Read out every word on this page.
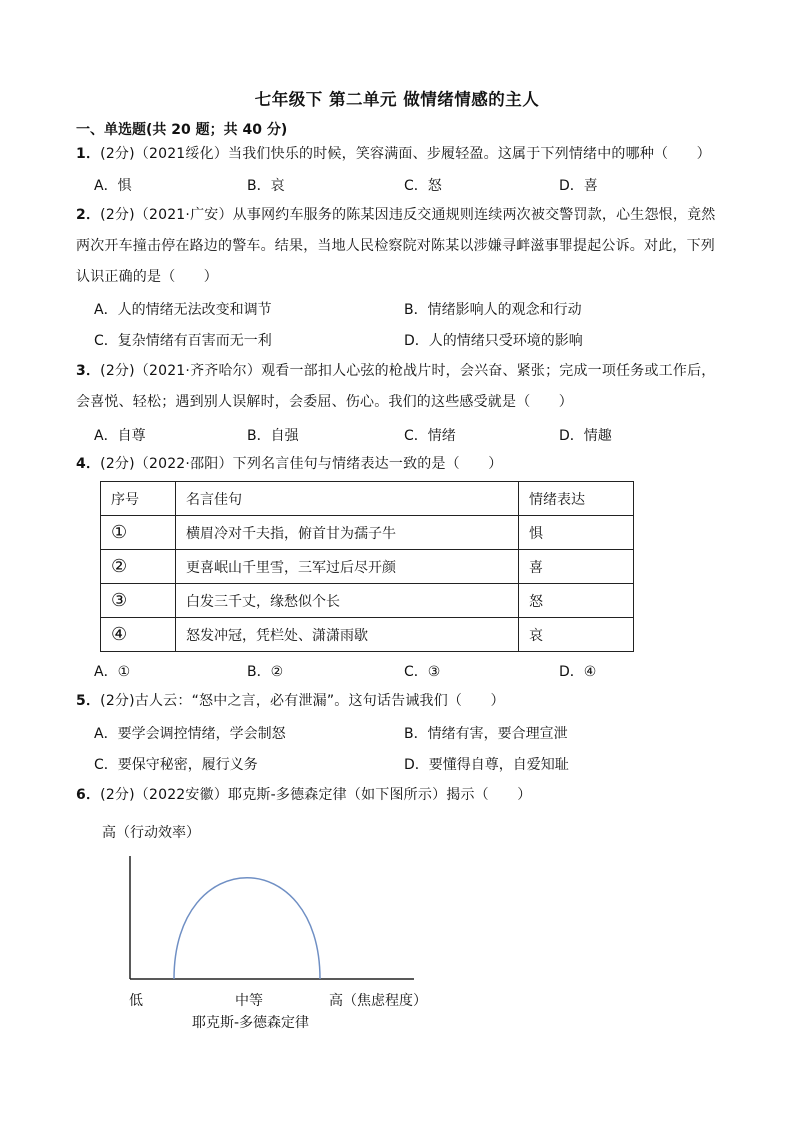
七年级下 第二单元 做情绪情感的主人
一、单选题(共 20 题；共 40 分)
1．(2分)（2021绥化）当我们快乐的时候，笑容满面、步履轻盈。这属于下列情绪中的哪种（　　）
A．惧	B．哀	C．怒	D．喜
2．(2分)（2021·广安）从事网约车服务的陈某因违反交通规则连续两次被交警罚款，心生怨恨，竟然两次开车撞击停在路边的警车。结果，当地人民检察院对陈某以涉嫌寻衅滋事罪提起公诉。对此，下列认识正确的是（　　）
A．人的情绪无法改变和调节	B．情绪影响人的观念和行动
C．复杂情绪有百害而无一利	D．人的情绪只受环境的影响
3．(2分)（2021·齐齐哈尔）观看一部扣人心弦的枪战片时，会兴奋、紧张；完成一项任务或工作后，会喜悦、轻松；遇到别人误解时，会委屈、伤心。我们的这些感受就是（　　）
A．自尊	B．自强	C．情绪	D．情趣
4．(2分)（2022·邵阳）下列名言佳句与情绪表达一致的是（　　）
序号	名言佳句	情绪表达
①	横眉冷对千夫指，俯首甘为孺子牛	惧
②	更喜岷山千里雪，三军过后尽开颜	喜
③	白发三千丈，缘愁似个长	怒
④	怒发冲冠，凭栏处、潇潇雨歇	哀
A．①	B．②	C．③	D．④
5．(2分)古人云：“怒中之言，必有泄漏”。这句话告诫我们（　　）
A．要学会调控情绪，学会制怒	B．情绪有害，要合理宣泄
C．要保守秘密，履行义务	D．要懂得自尊，自爱知耻
6．(2分)（2022安徽）耶克斯-多德森定律（如下图所示）揭示（　　）
高（行动效率）
低	中等	高（焦虑程度）
耶克斯-多德森定律
